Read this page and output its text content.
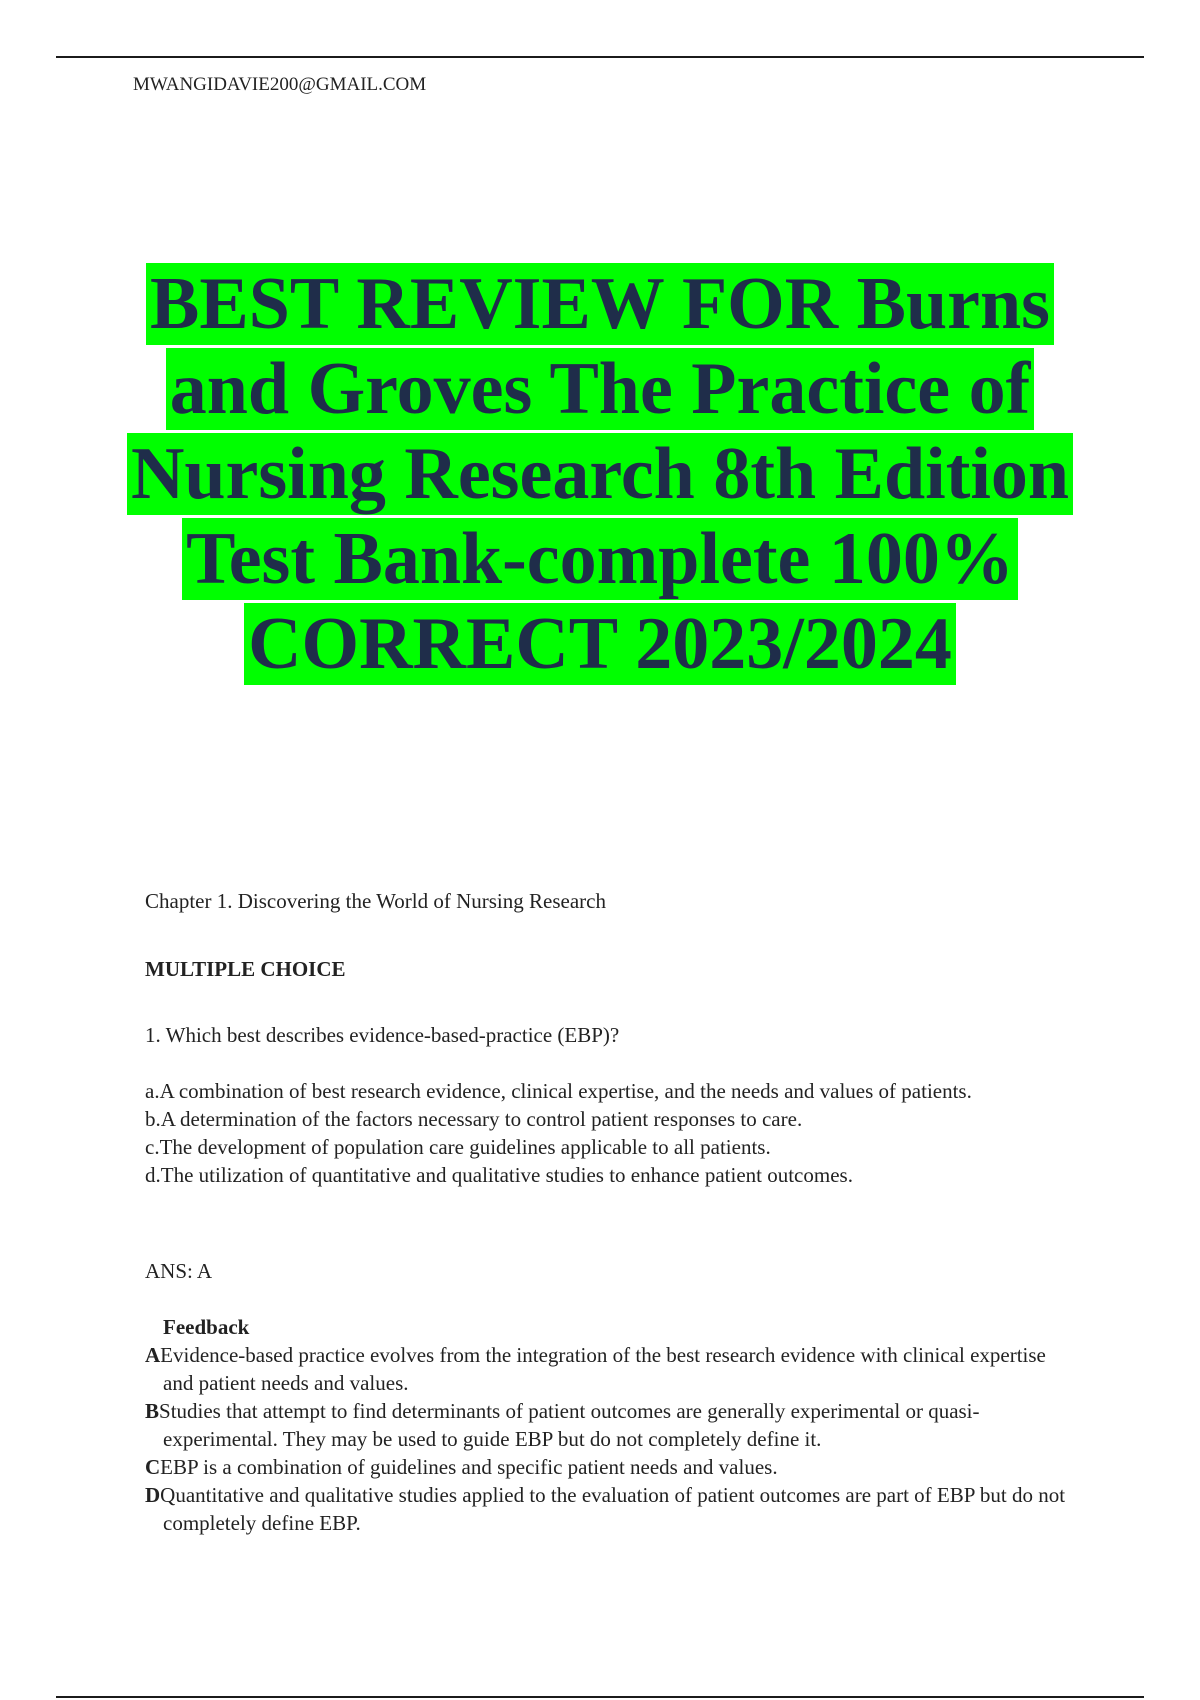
MWANGIDAVIE200@GMAIL.COM
BEST REVIEW FOR Burns
and Groves The Practice of
Nursing Research 8th Edition
Test Bank-complete 100%
CORRECT 2023/2024
Chapter 1. Discovering the World of Nursing Research
MULTIPLE CHOICE
1. Which best describes evidence-based-practice (EBP)?
a.A combination of best research evidence, clinical expertise, and the needs and values of patients.
b.A determination of the factors necessary to control patient responses to care.
c.The development of population care guidelines applicable to all patients.
d.The utilization of quantitative and qualitative studies to enhance patient outcomes.
ANS: A
Feedback
AEvidence-based practice evolves from the integration of the best research evidence with clinical expertise and patient needs and values.
BStudies that attempt to find determinants of patient outcomes are generally experimental or quasi-experimental. They may be used to guide EBP but do not completely define it.
CEBP is a combination of guidelines and specific patient needs and values.
DQuantitative and qualitative studies applied to the evaluation of patient outcomes are part of EBP but do not completely define EBP.
